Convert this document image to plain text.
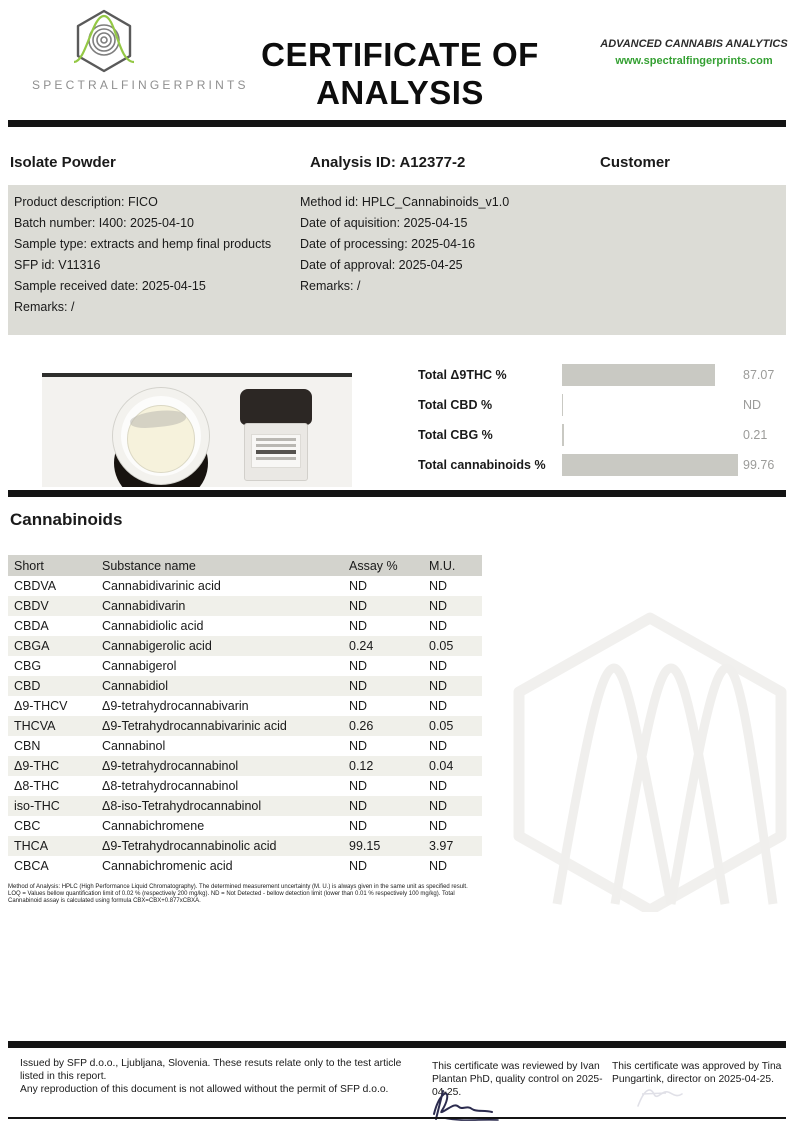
SPECTRALFINGERPRINTS
CERTIFICATE OF ANALYSIS
ADVANCED CANNABIS ANALYTICS
www.spectralfingerprints.com
Isolate Powder	Analysis ID: A12377-2	Customer
Product description: FICO
Batch number: I400: 2025-04-10
Sample type: extracts and hemp final products
SFP id: V11316
Sample received date: 2025-04-15
Remarks: /
Method id: HPLC_Cannabinoids_v1.0
Date of aquisition: 2025-04-15
Date of processing: 2025-04-16
Date of approval: 2025-04-25
Remarks: /
Total Δ9THC %	87.07
Total CBD %	ND
Total CBG %	0.21
Total cannabinoids %	99.76
Cannabinoids
Short	Substance name	Assay %	M.U.
CBDVA	Cannabidivarinic acid	ND	ND
CBDV	Cannabidivarin	ND	ND
CBDA	Cannabidiolic acid	ND	ND
CBGA	Cannabigerolic acid	0.24	0.05
CBG	Cannabigerol	ND	ND
CBD	Cannabidiol	ND	ND
Δ9-THCV	Δ9-tetrahydrocannabivarin	ND	ND
THCVA	Δ9-Tetrahydrocannabivarinic acid	0.26	0.05
CBN	Cannabinol	ND	ND
Δ9-THC	Δ9-tetrahydrocannabinol	0.12	0.04
Δ8-THC	Δ8-tetrahydrocannabinol	ND	ND
iso-THC	Δ8-iso-Tetrahydrocannabinol	ND	ND
CBC	Cannabichromene	ND	ND
THCA	Δ9-Tetrahydrocannabinolic acid	99.15	3.97
CBCA	Cannabichromenic acid	ND	ND

Method of Analysis: HPLC (High Performance Liquid Chromatography). The determined measurement uncertainty (M. U.) is always given in the same unit as specified result. LOQ = Values bellow quantification limit of 0.02 % (respectively 200 mg/kg). ND = Not Detected - bellow detection limit (lower than 0.01 % respectively 100 mg/kg). Total Cannabinoid assay is calculated using formula CBX=CBX+0.877xCBXA.

Issued by SFP d.o.o., Ljubljana, Slovenia. These resuts relate only to the test article listed in this report.
Any reproduction of this document is not allowed without the permit of SFP d.o.o.
This certificate was reviewed by Ivan Plantan PhD, quality control on 2025-04-25.
This certificate was approved by Tina Pungartink, director on 2025-04-25.
